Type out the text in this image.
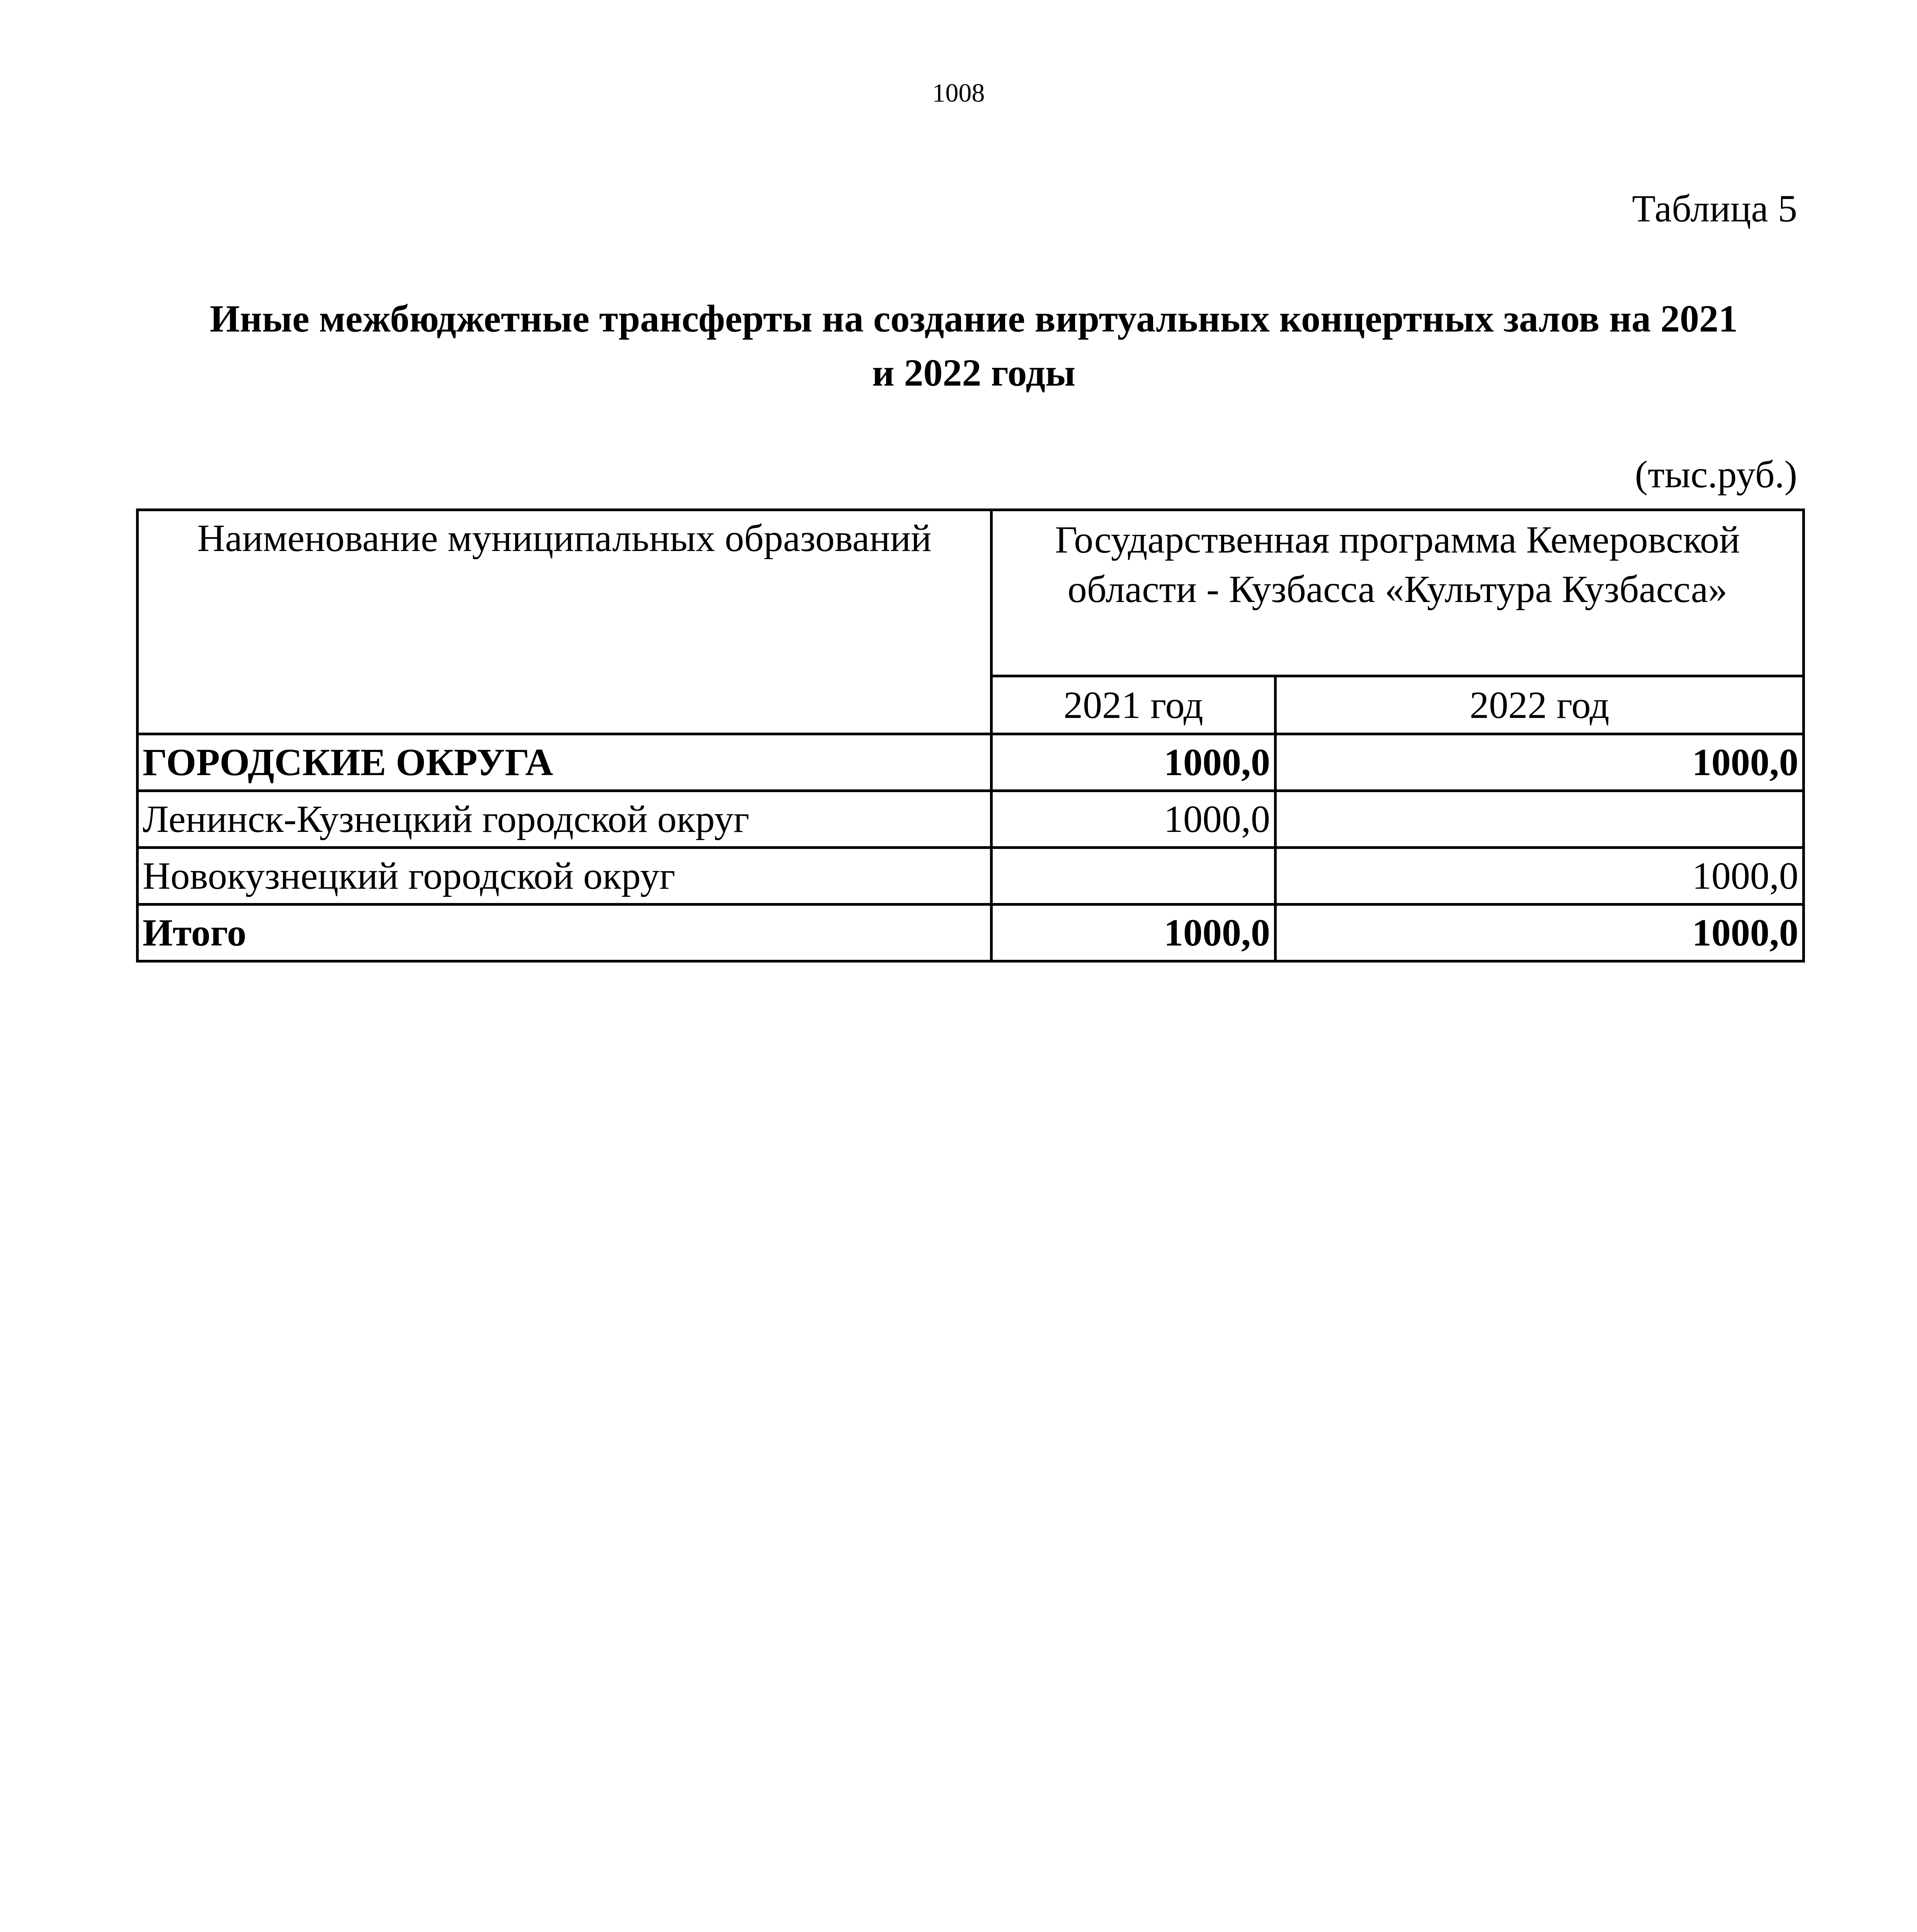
1008
Таблица 5
Иные межбюджетные трансферты на создание виртуальных концертных залов на 2021
и 2022 годы
(тыс.руб.)
Наименование муниципальных образований	Государственная программа Кемеровской
области - Кузбасса «Культура Кузбасса»	

	2021 год	2022 год
ГОРОДСКИЕ ОКРУГА	1000,0	1000,0
Ленинск-Кузнецкий городской округ	1000,0	
Новокузнецкий городской округ		1000,0
Итого	1000,0	1000,0
